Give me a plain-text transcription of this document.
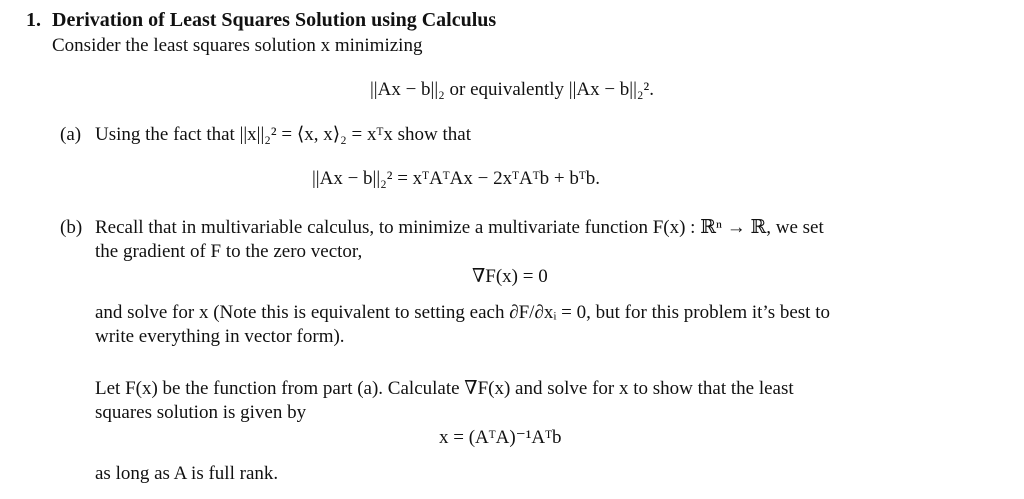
1. Derivation of Least Squares Solution using Calculus
Consider the least squares solution x minimizing
||Ax − b||₂ or equivalently ||Ax − b||₂².
(a) Using the fact that ||x||₂² = ⟨x, x⟩₂ = xᵀx show that
||Ax − b||₂² = xᵀAᵀAx − 2xᵀAᵀb + bᵀb.
(b) Recall that in multivariable calculus, to minimize a multivariate function F(x) : ℝⁿ → ℝ, we set
the gradient of F to the zero vector,
∇F(x) = 0
and solve for x (Note this is equivalent to setting each ∂F/∂xᵢ = 0, but for this problem it’s best to
write everything in vector form).
Let F(x) be the function from part (a). Calculate ∇F(x) and solve for x to show that the least
squares solution is given by
x = (AᵀA)⁻¹Aᵀb
as long as A is full rank.
